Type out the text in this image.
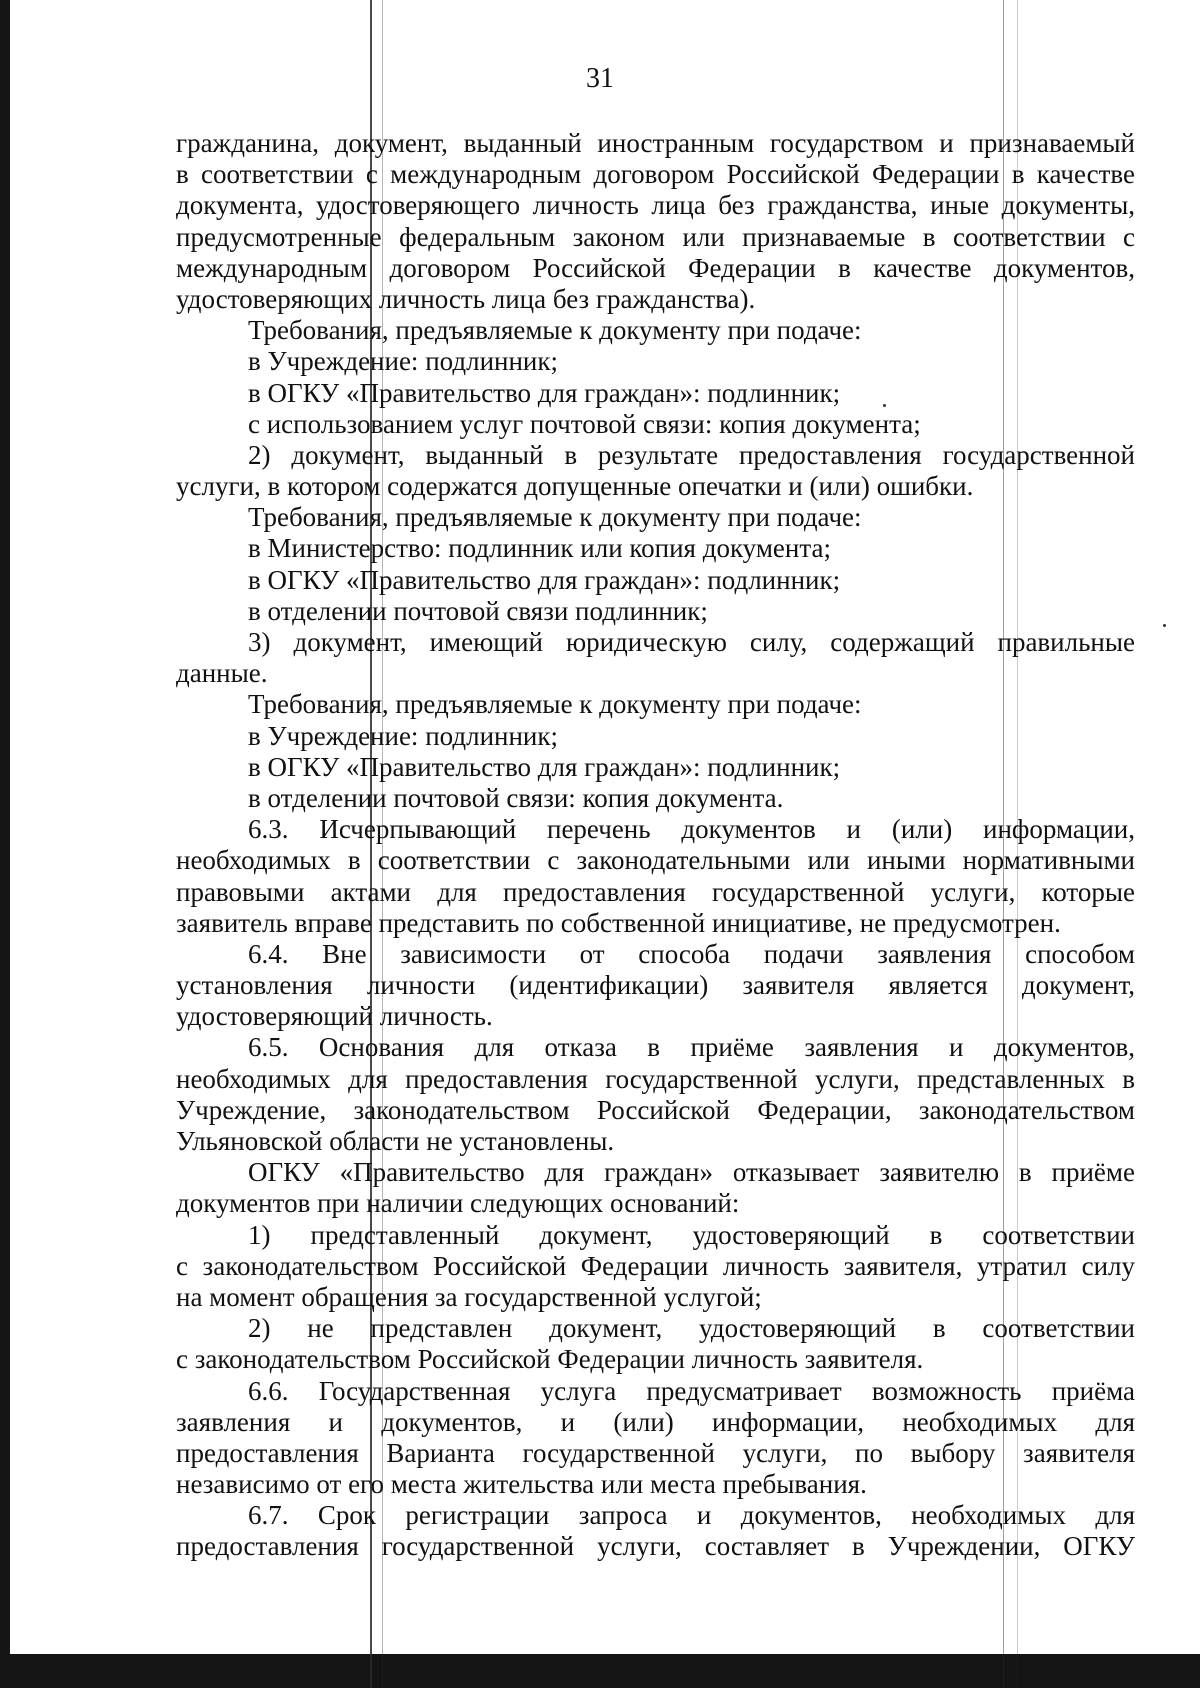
31
гражданина, документ, выданный иностранным государством и признаваемый
в соответствии с международным договором Российской Федерации в качестве
документа, удостоверяющего личность лица без гражданства, иные документы,
предусмотренные федеральным законом или признаваемые в соответствии с
международным договором Российской Федерации в качестве документов,
удостоверяющих личность лица без гражданства).
Требования, предъявляемые к документу при подаче:
в Учреждение: подлинник;
в ОГКУ «Правительство для граждан»: подлинник;
с использованием услуг почтовой связи: копия документа;
2) документ, выданный в результате предоставления государственной
услуги, в котором содержатся допущенные опечатки и (или) ошибки.
Требования, предъявляемые к документу при подаче:
в Министерство: подлинник или копия документа;
в ОГКУ «Правительство для граждан»: подлинник;
в отделении почтовой связи подлинник;
3) документ, имеющий юридическую силу, содержащий правильные
данные.
Требования, предъявляемые к документу при подаче:
в Учреждение: подлинник;
в ОГКУ «Правительство для граждан»: подлинник;
в отделении почтовой связи: копия документа.
6.3. Исчерпывающий перечень документов и (или) информации,
необходимых в соответствии с законодательными или иными нормативными
правовыми актами для предоставления государственной услуги, которые
заявитель вправе представить по собственной инициативе, не предусмотрен.
6.4. Вне зависимости от способа подачи заявления способом
установления личности (идентификации) заявителя является документ,
удостоверяющий личность.
6.5. Основания для отказа в приёме заявления и документов,
необходимых для предоставления государственной услуги, представленных в
Учреждение, законодательством Российской Федерации, законодательством
Ульяновской области не установлены.
ОГКУ «Правительство для граждан» отказывает заявителю в приёме
документов при наличии следующих оснований:
1) представленный документ, удостоверяющий в соответствии
с законодательством Российской Федерации личность заявителя, утратил силу
на момент обращения за государственной услугой;
2) не представлен документ, удостоверяющий в соответствии
с законодательством Российской Федерации личность заявителя.
6.6. Государственная услуга предусматривает возможность приёма
заявления и документов, и (или) информации, необходимых для
предоставления Варианта государственной услуги, по выбору заявителя
независимо от его места жительства или места пребывания.
6.7. Срок регистрации запроса и документов, необходимых для
предоставления государственной услуги, составляет в Учреждении, ОГКУ
